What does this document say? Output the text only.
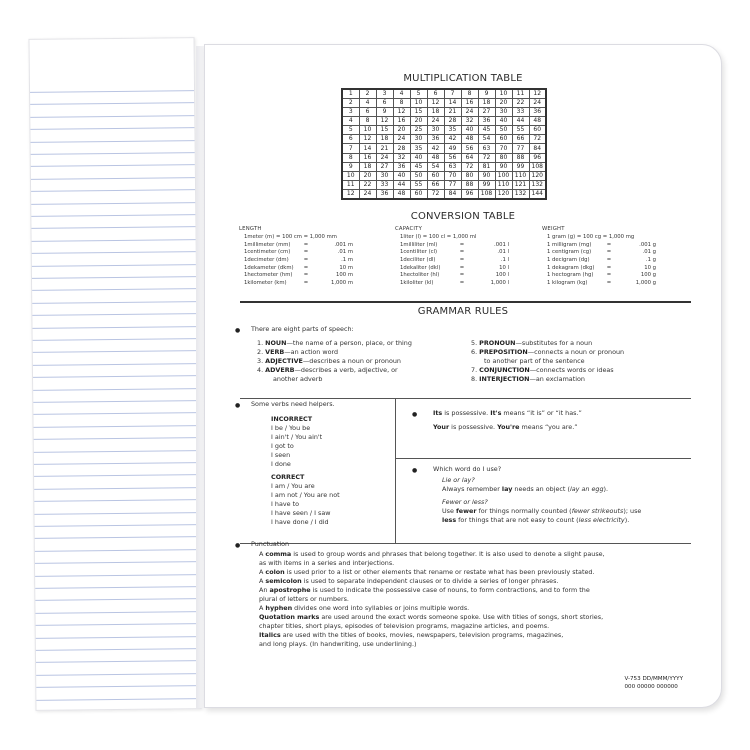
MULTIPLICATION TABLE
1	2	3	4	5	6	7	8	9	10	11	12
2	4	6	8	10	12	14	16	18	20	22	24
3	6	9	12	15	18	21	24	27	30	33	36
4	8	12	16	20	24	28	32	36	40	44	48
5	10	15	20	25	30	35	40	45	50	55	60
6	12	18	24	30	36	42	48	54	60	66	72
7	14	21	28	35	42	49	56	63	70	77	84
8	16	24	32	40	48	56	64	72	80	88	96
9	18	27	36	45	54	63	72	81	90	99	108
10	20	30	40	50	60	70	80	90	100	110	120
11	22	33	44	55	66	77	88	99	110	121	132
12	24	36	48	60	72	84	96	108	120	132	144
CONVERSION TABLE
LENGTH
1meter (m) = 100 cm = 1,000 mm
1millimeter (mm)	=	.001 m
1centimeter (cm)	=	.01 m
1decimeter (dm)	=	.1 m
1dekameter (dkm)	=	10 m
1hectometer (hm)	=	100 m
1kilometer (km)	=	1,000 m
CAPACITY
1liter (l) = 100 cl = 1,000 ml
1milliliter (ml)	=	.001 l
1centiliter (cl)	=	.01 l
1deciliter (dl)	=	.1 l
1dekaliter (dkl)	=	10 l
1hectoliter (hl)	=	100 l
1kiloliter (kl)	=	1,000 l
WEIGHT
1 gram (g) = 100 cg = 1,000 mg
1 milligram (mg)	=	.001 g
1 centigram (cg)	=	.01 g
1 decigram (dg)	=	.1 g
1 dekagram (dkg)	=	10 g
1 hectogram (hg)	=	100 g
1 kilogram (kg)	=	1,000 g
GRAMMAR RULES
● There are eight parts of speech:
1. NOUN—the name of a person, place, or thing
2. VERB—an action word
3. ADJECTIVE—describes a noun or pronoun
4. ADVERB—describes a verb, adjective, or
another adverb
5. PRONOUN—substitutes for a noun
6. PREPOSITION—connects a noun or pronoun
to another part of the sentence
7. CONJUNCTION—connects words or ideas
8. INTERJECTION—an exclamation
● Some verbs need helpers.
INCORRECT
I be / You be
I ain't / You ain't
I got to
I seen
I done
CORRECT
I am / You are
I am not / You are not
I have to
I have seen / I saw
I have done / I did
● Its is possessive. It's means “it is” or “it has.”
Your is possessive. You're means “you are.”
● Which word do I use?
Lie or lay?
Always remember lay needs an object (lay an egg).
Fewer or less?
Use fewer for things normally counted (fewer strikeouts); use
less for things that are not easy to count (less electricity).
● Punctuation
A comma is used to group words and phrases that belong together. It is also used to denote a slight pause,
as with items in a series and interjections.
A colon is used prior to a list or other elements that rename or restate what has been previously stated.
A semicolon is used to separate independent clauses or to divide a series of longer phrases.
An apostrophe is used to indicate the possessive case of nouns, to form contractions, and to form the
plural of letters or numbers.
A hyphen divides one word into syllables or joins multiple words.
Quotation marks are used around the exact words someone spoke. Use with titles of songs, short stories,
chapter titles, short plays, episodes of television programs, magazine articles, and poems.
Italics are used with the titles of books, movies, newspapers, television programs, magazines,
and long plays. (In handwriting, use underlining.)
V-753 DD/MMM/YYYY
000 00000 000000
